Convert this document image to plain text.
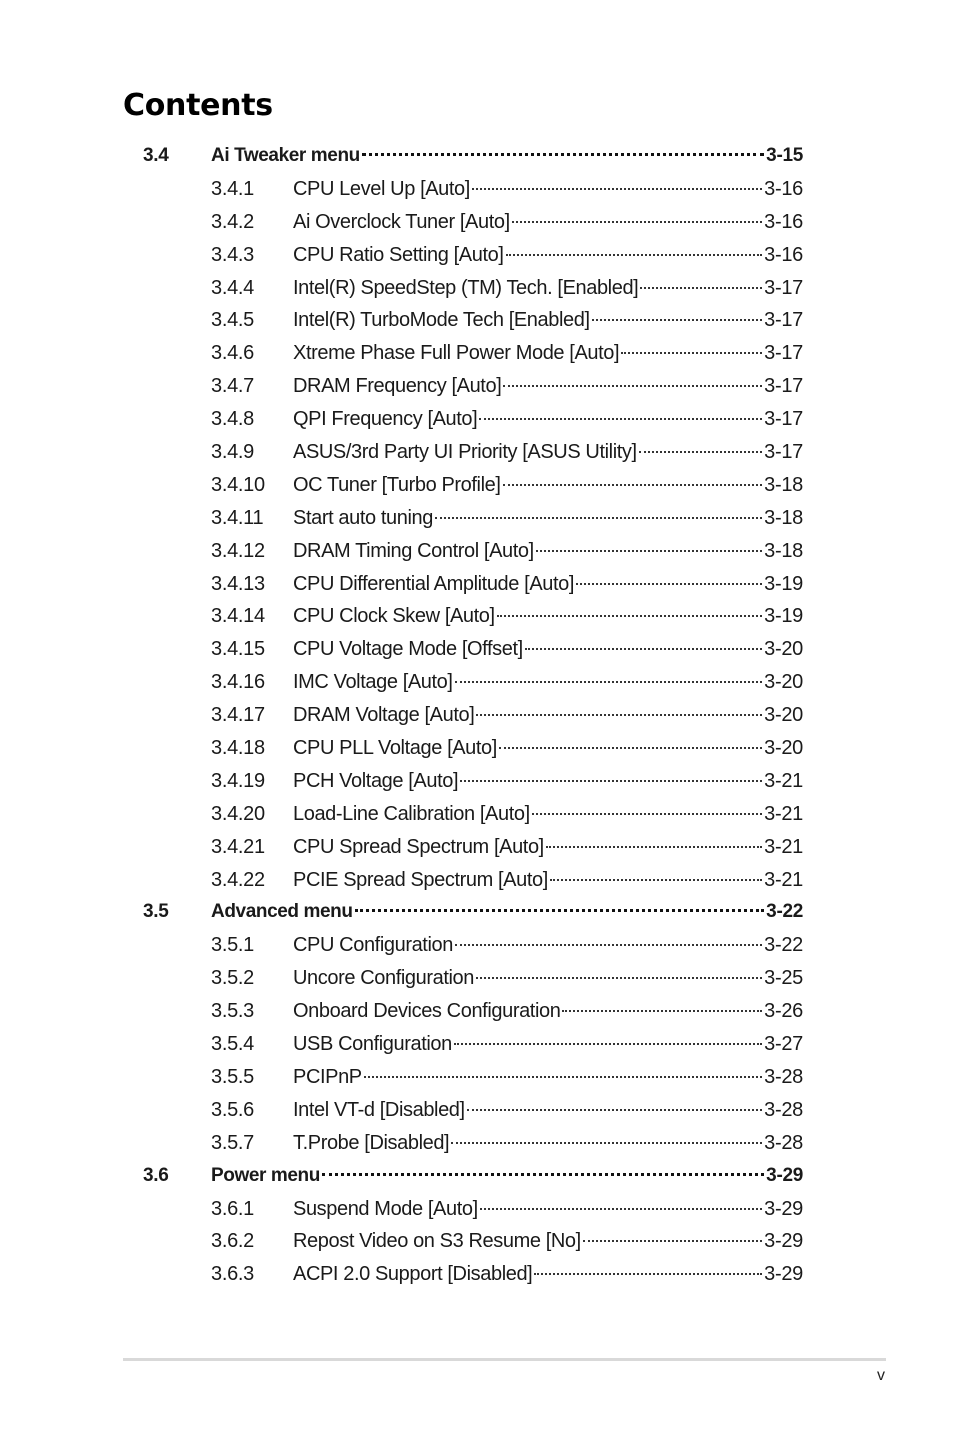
Contents
3.4 Ai Tweaker menu	3-15
3.4.1 CPU Level Up [Auto]	3-16
3.4.2 Ai Overclock Tuner [Auto]	3-16
3.4.3 CPU Ratio Setting [Auto]	3-16
3.4.4 Intel(R) SpeedStep (TM) Tech. [Enabled]	3-17
3.4.5 Intel(R) TurboMode Tech [Enabled]	3-17
3.4.6 Xtreme Phase Full Power Mode [Auto]	3-17
3.4.7 DRAM Frequency [Auto]	3-17
3.4.8 QPI Frequency [Auto]	3-17
3.4.9 ASUS/3rd Party UI Priority [ASUS Utility]	3-17
3.4.10 OC Tuner [Turbo Profile]	3-18
3.4.11 Start auto tuning	3-18
3.4.12 DRAM Timing Control [Auto]	3-18
3.4.13 CPU Differential Amplitude [Auto]	3-19
3.4.14 CPU Clock Skew [Auto]	3-19
3.4.15 CPU Voltage Mode [Offset]	3-20
3.4.16 IMC Voltage [Auto]	3-20
3.4.17 DRAM Voltage [Auto]	3-20
3.4.18 CPU PLL Voltage [Auto]	3-20
3.4.19 PCH Voltage [Auto]	3-21
3.4.20 Load-Line Calibration [Auto]	3-21
3.4.21 CPU Spread Spectrum [Auto]	3-21
3.4.22 PCIE Spread Spectrum [Auto]	3-21
3.5 Advanced menu	3-22
3.5.1 CPU Configuration	3-22
3.5.2 Uncore Configuration	3-25
3.5.3 Onboard Devices Configuration	3-26
3.5.4 USB Configuration	3-27
3.5.5 PCIPnP	3-28
3.5.6 Intel VT-d [Disabled]	3-28
3.5.7 T.Probe [Disabled]	3-28
3.6 Power menu	3-29
3.6.1 Suspend Mode [Auto]	3-29
3.6.2 Repost Video on S3 Resume [No]	3-29
3.6.3 ACPI 2.0 Support [Disabled]	3-29
v
